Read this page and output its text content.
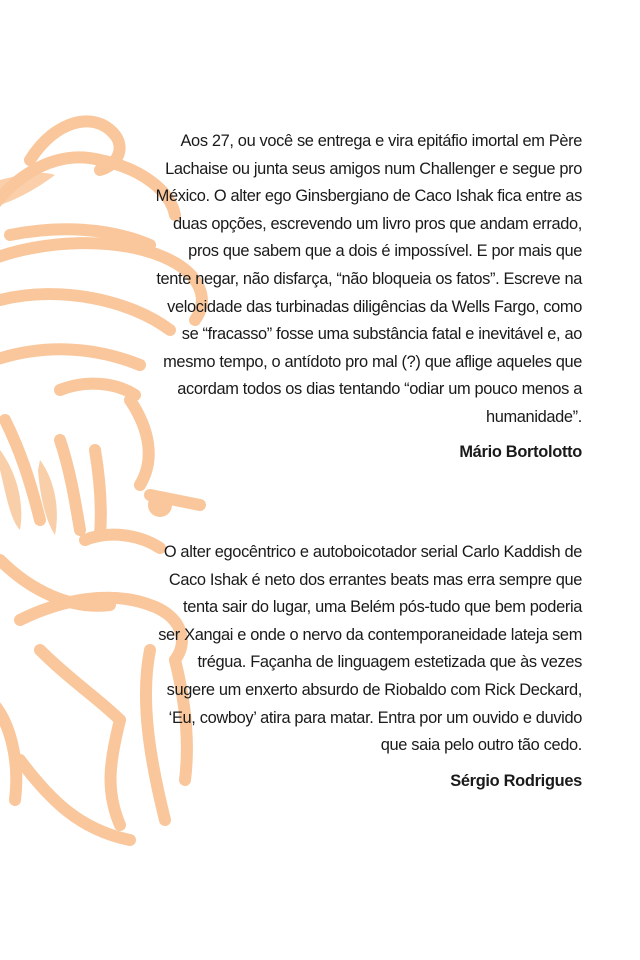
Aos 27, ou você se entrega e vira epitáfio imortal em Père
Lachaise ou junta seus amigos num Challenger e segue pro
México. O alter ego Ginsbergiano de Caco Ishak fica entre as
duas opções, escrevendo um livro pros que andam errado,
pros que sabem que a dois é impossível. E por mais que
tente negar, não disfarça, “não bloqueia os fatos”. Escreve na
velocidade das turbinadas diligências da Wells Fargo, como
se “fracasso” fosse uma substância fatal e inevitável e, ao
mesmo tempo, o antídoto pro mal (?) que aflige aqueles que
acordam todos os dias tentando “odiar um pouco menos a
humanidade”.

Mário Bortolotto

O alter egocêntrico e autoboicotador serial Carlo Kaddish de
Caco Ishak é neto dos errantes beats mas erra sempre que
tenta sair do lugar, uma Belém pós-tudo que bem poderia
ser Xangai e onde o nervo da contemporaneidade lateja sem
trégua. Façanha de linguagem estetizada que às vezes
sugere um enxerto absurdo de Riobaldo com Rick Deckard,
‘Eu, cowboy’ atira para matar. Entra por um ouvido e duvido
que saia pelo outro tão cedo.

Sérgio Rodrigues
